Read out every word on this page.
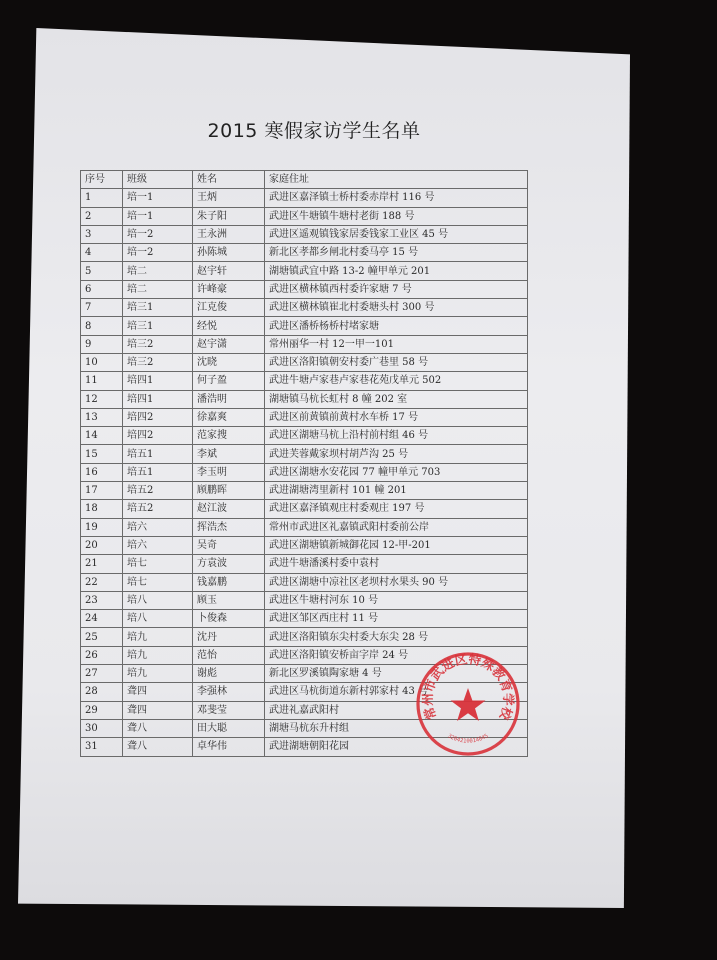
2015 寒假家访学生名单
序号	班级	姓名	家庭住址
1	培一1	王炳	武进区嘉泽镇士桥村委赤岸村 116 号
2	培一1	朱子阳	武进区牛塘镇牛塘村老街 188 号
3	培一2	王永洲	武进区遥观镇钱家居委钱家工业区 45 号
4	培一2	孙陈城	新北区孝都乡闸北村委马亭 15 号
5	培二	赵宇轩	湖塘镇武宜中路 13-2 幢甲单元 201
6	培二	许峰豪	武进区横林镇西村委许家塘 7 号
7	培三1	江克俊	武进区横林镇崔北村委塘头村 300 号
8	培三1	经悦	武进区潘桥杨桥村堵家塘
9	培三2	赵宇潇	常州丽华一村 12一甲一101
10	培三2	沈晓	武进区洛阳镇朝安村委广巷里 58 号
11	培四1	何子盈	武进牛塘卢家巷卢家巷花苑戊单元 502
12	培四1	潘浩明	湖塘镇马杭长虹村 8 幢 202 室
13	培四2	徐嘉爽	武进区前黄镇前黄村水车桥 17 号
14	培四2	范家搜	武进区湖塘马杭上沿村前村组 46 号
15	培五1	李斌	武进芙蓉戴家坝村胡芦沟 25 号
16	培五1	李玉明	武进区湖塘水安花园 77 幢甲单元 703
17	培五2	顾鹏晖	武进湖塘湾里新村 101 幢 201
18	培五2	赵江波	武进区嘉泽镇观庄村委观庄 197 号
19	培六	挥浩杰	常州市武进区礼嘉镇武阳村委前公岸
20	培六	吴奇	武进区湖塘镇新城御花园 12-甲-201
21	培七	方袁波	武进牛塘潘溪村委中袁村
22	培七	钱嘉鹏	武进区湖塘中凉社区老坝村水果头 90 号
23	培八	顾玉	武进区牛塘村河东 10 号
24	培八	卜俊森	武进区邹区西庄村 11 号
25	培九	沈丹	武进区洛阳镇东尖村委大东尖 28 号
26	培九	范怡	武进区洛阳镇安桥亩字岸 24 号
27	培九	谢彪	新北区罗溪镇陶家塘 4 号
28	聋四	李强林	武进区马杭街道东新村郭家村 43 号
29	聋四	邓斐莹	武进礼嘉武阳村
30	聋八	田大聪	湖塘马杭东升村组
31	聋八	卓华伟	武进湖塘朝阳花园
常州市武进区特殊教育学校
3204210014845
